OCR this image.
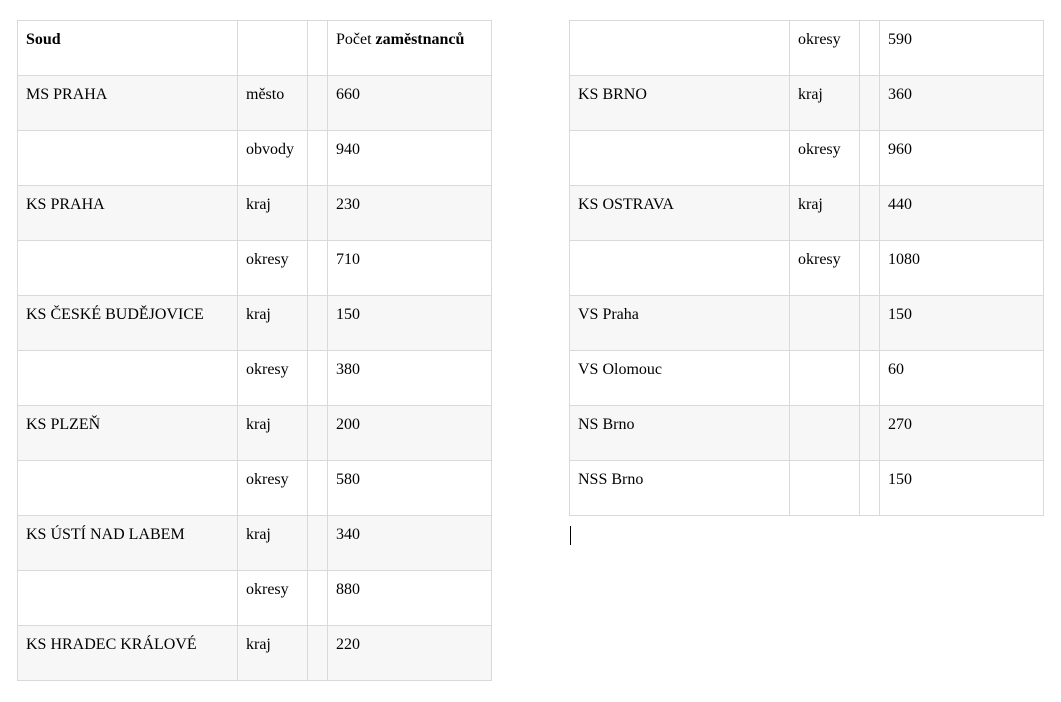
Soud			Počet zaměstnanců
MS PRAHA	město		660
	obvody		940
KS PRAHA	kraj		230
	okresy		710
KS ČESKÉ BUDĚJOVICE	kraj		150
	okresy		380
KS PLZEŇ	kraj		200
	okresy		580
KS ÚSTÍ NAD LABEM	kraj		340
	okresy		880
KS HRADEC KRÁLOVÉ	kraj		220
	okresy		590
KS BRNO	kraj		360
	okresy		960
KS OSTRAVA	kraj		440
	okresy		1080
VS Praha			150
VS Olomouc			60
NS Brno			270
NSS Brno			150
